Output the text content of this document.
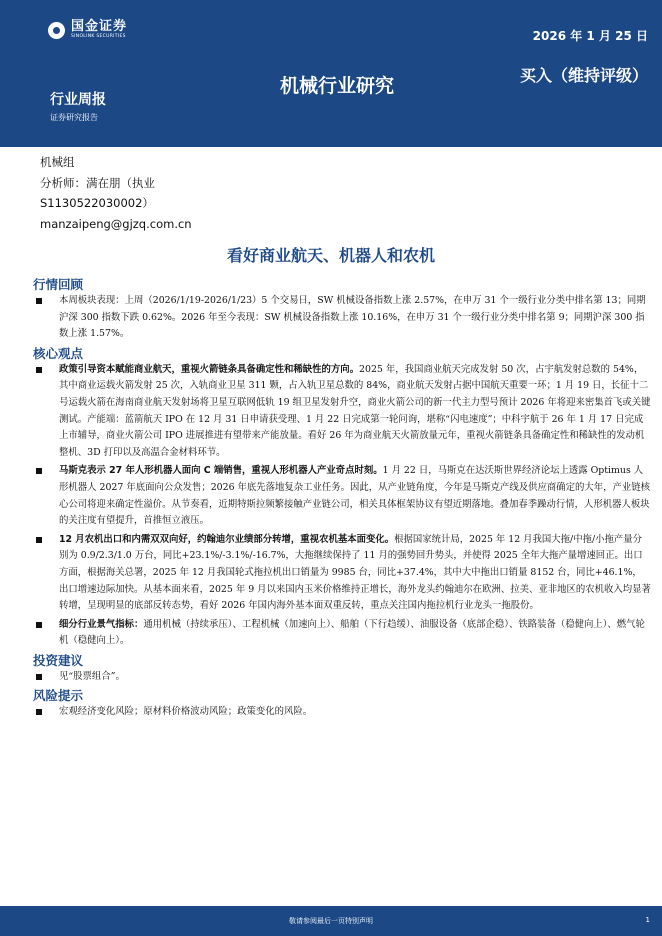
国金证券
SINOLINK SECURITIES	2026 年 1 月 25 日
行业周报
证券研究报告
机械行业研究	买入（维持评级）
机械组
分析师：满在朋（执业
S1130522030002）
manzaipeng@gjzq.com.cn
看好商业航天、机器人和农机
行情回顾
本周板块表现：上周（2026/1/19-2026/1/23）5 个交易日，SW 机械设备指数上涨 2.57%，在申万 31 个一级行业分类中排名第 13；同期沪深 300 指数下跌 0.62%。2026 年至今表现：SW 机械设备指数上涨 10.16%，在申万 31 个一级行业分类中排名第 9；同期沪深 300 指数上涨 1.57%。
核心观点
政策引导资本赋能商业航天，重视火箭链条具备确定性和稀缺性的方向。2025 年，我国商业航天完成发射 50 次，占宇航发射总数的 54%，其中商业运载火箭发射 25 次，入轨商业卫星 311 颗，占入轨卫星总数的 84%，商业航天发射占据中国航天重要一环；1 月 19 日，长征十二号运载火箭在海南商业航天发射场将卫星互联网低轨 19 组卫星发射升空，商业火箭公司的新一代主力型号预计 2026 年将迎来密集首飞或关键测试。产能端：蓝箭航天 IPO 在 12 月 31 日申请获受理、1 月 22 日完成第一轮问询，堪称“闪电速度”；中科宇航于 26 年 1 月 17 日完成上市辅导，商业火箭公司 IPO 进展推进有望带来产能放量。看好 26 年为商业航天火箭放量元年，重视火箭链条具备确定性和稀缺性的发动机整机、3D 打印以及高温合金材料环节。
马斯克表示 27 年人形机器人面向 C 端销售，重视人形机器人产业奇点时刻。1 月 22 日，马斯克在达沃斯世界经济论坛上透露 Optimus 人形机器人 2027 年底面向公众发售；2026 年底先落地复杂工业任务。因此，从产业链角度，今年是马斯克产线及供应商确定的大年，产业链核心公司将迎来确定性溢价。从节奏看，近期特斯拉频繁接触产业链公司，相关具体框架协议有望近期落地。叠加春季躁动行情，人形机器人板块的关注度有望提升，首推恒立液压。
12 月农机出口和内需双双向好，约翰迪尔业绩部分转增，重视农机基本面变化。根据国家统计局，2025 年 12 月我国大拖/中拖/小拖产量分别为 0.9/2.3/1.0 万台，同比+23.1%/-3.1%/-16.7%，大拖继续保持了 11 月的强势回升势头，并使得 2025 全年大拖产量增速回正。出口方面，根据海关总署，2025 年 12 月我国轮式拖拉机出口销量为 9985 台，同比+37.4%，其中大中拖出口销量 8152 台，同比+46.1%，出口增速边际加快。从基本面来看，2025 年 9 月以来国内玉米价格维持正增长，海外龙头约翰迪尔在欧洲、拉美、亚非地区的农机收入均显著转增，呈现明显的底部反转态势，看好 2026 年国内海外基本面双重反转，重点关注国内拖拉机行业龙头一拖股份。
细分行业景气指标：通用机械（持续承压）、工程机械（加速向上）、船舶（下行趋缓）、油服设备（底部企稳）、铁路装备（稳健向上）、燃气轮机（稳健向上）。
投资建议
见“股票组合”。
风险提示
宏观经济变化风险；原材料价格波动风险；政策变化的风险。
敬请参阅最后一页特别声明	1
